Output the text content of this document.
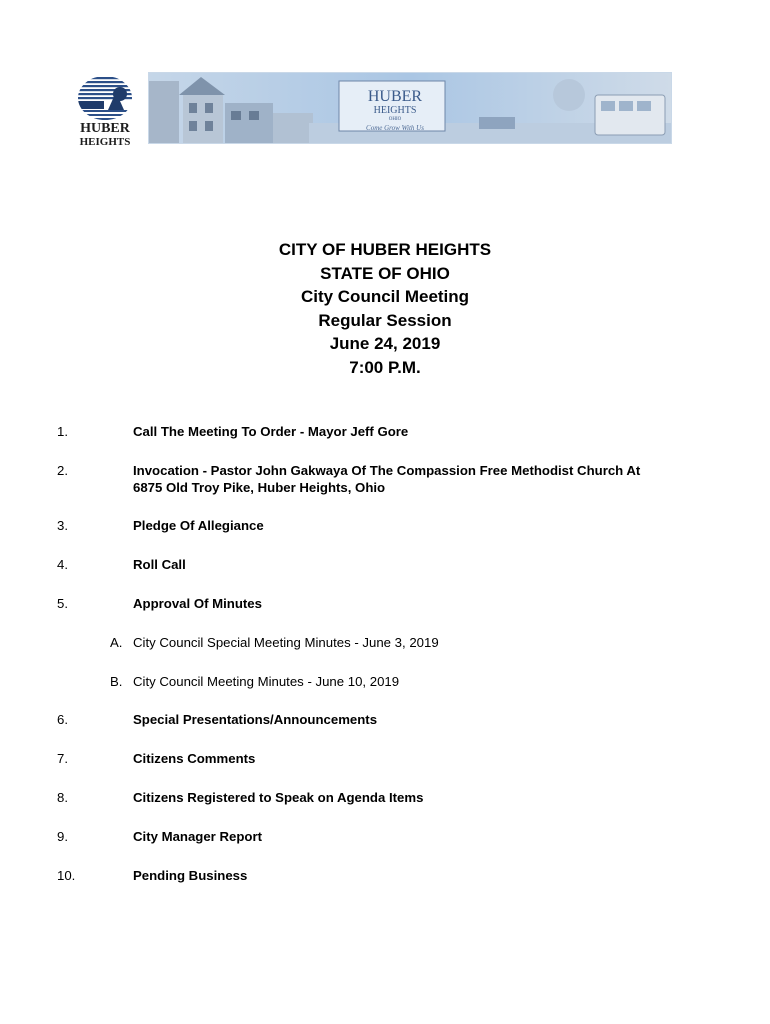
HUBER
HEIGHTS
HUBER
HEIGHTS
OHIO
Come Grow With Us
CITY OF HUBER HEIGHTS
STATE OF OHIO
City Council Meeting
Regular Session
June 24, 2019
7:00 P.M.
1.	Call The Meeting To Order - Mayor Jeff Gore
2.	Invocation - Pastor John Gakwaya Of The Compassion Free Methodist Church At
6875 Old Troy Pike, Huber Heights, Ohio
3.	Pledge Of Allegiance
4.	Roll Call
5.	Approval Of Minutes
A. City Council Special Meeting Minutes - June 3, 2019
B. City Council Meeting Minutes - June 10, 2019
6.	Special Presentations/Announcements
7.	Citizens Comments
8.	Citizens Registered to Speak on Agenda Items
9.	City Manager Report
10.	Pending Business
